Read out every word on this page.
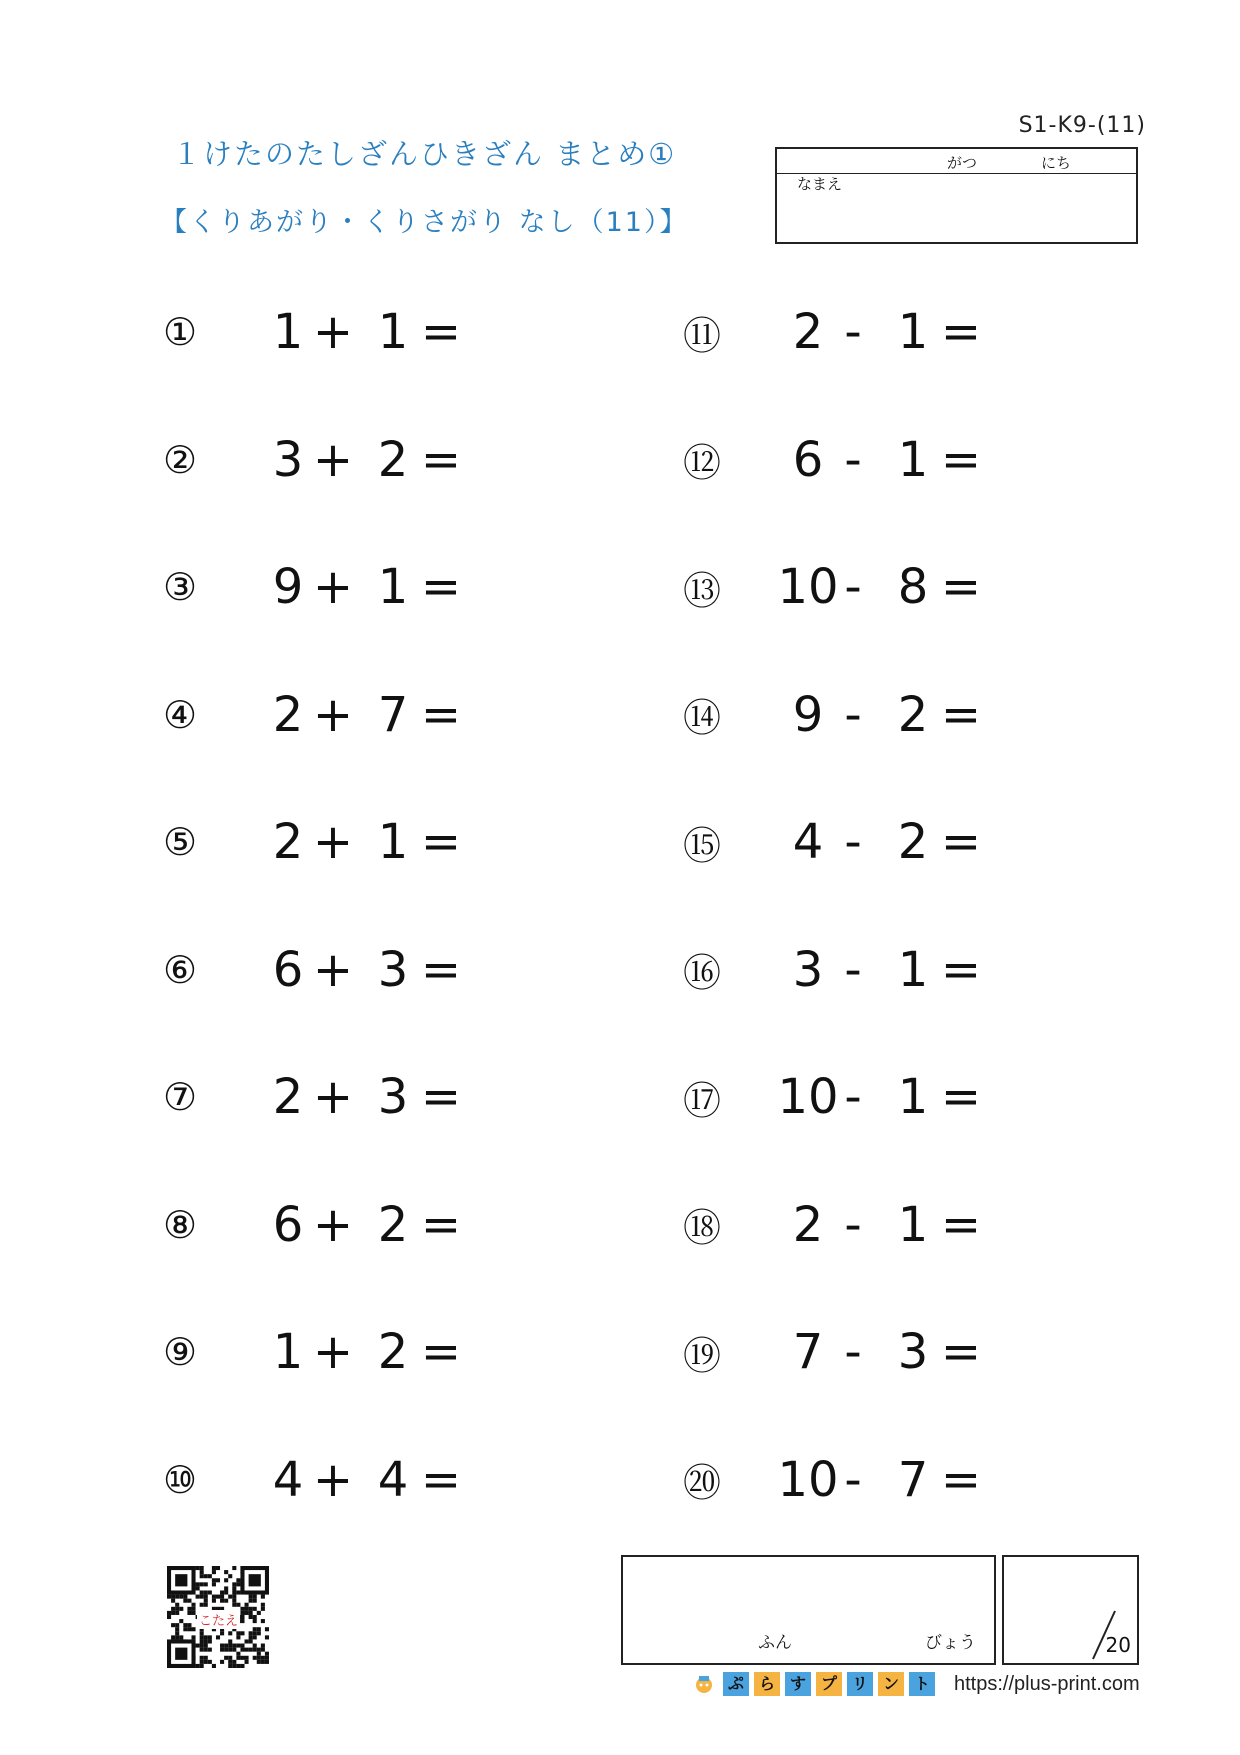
１けたのたしざんひきざん まとめ①
【くりあがり・くりさがり なし（11）】
S1-K9-(11)
がつ	にち
なまえ
①	1 + 1 =
②	3 + 2 =
③	9 + 1 =
④	2 + 7 =
⑤	2 + 1 =
⑥	6 + 3 =
⑦	2 + 3 =
⑧	6 + 2 =
⑨	1 + 2 =
⑩	4 + 4 =
⑪	2 - 1 =
⑫	6 - 1 =
⑬	10 - 8 =
⑭	9 - 2 =
⑮	4 - 2 =
⑯	3 - 1 =
⑰	10 - 1 =
⑱	2 - 1 =
⑲	7 - 3 =
⑳	10 - 7 =
こたえ
ふん	びょう	20
ぷ ら す プ リ ン ト https://plus-print.com
